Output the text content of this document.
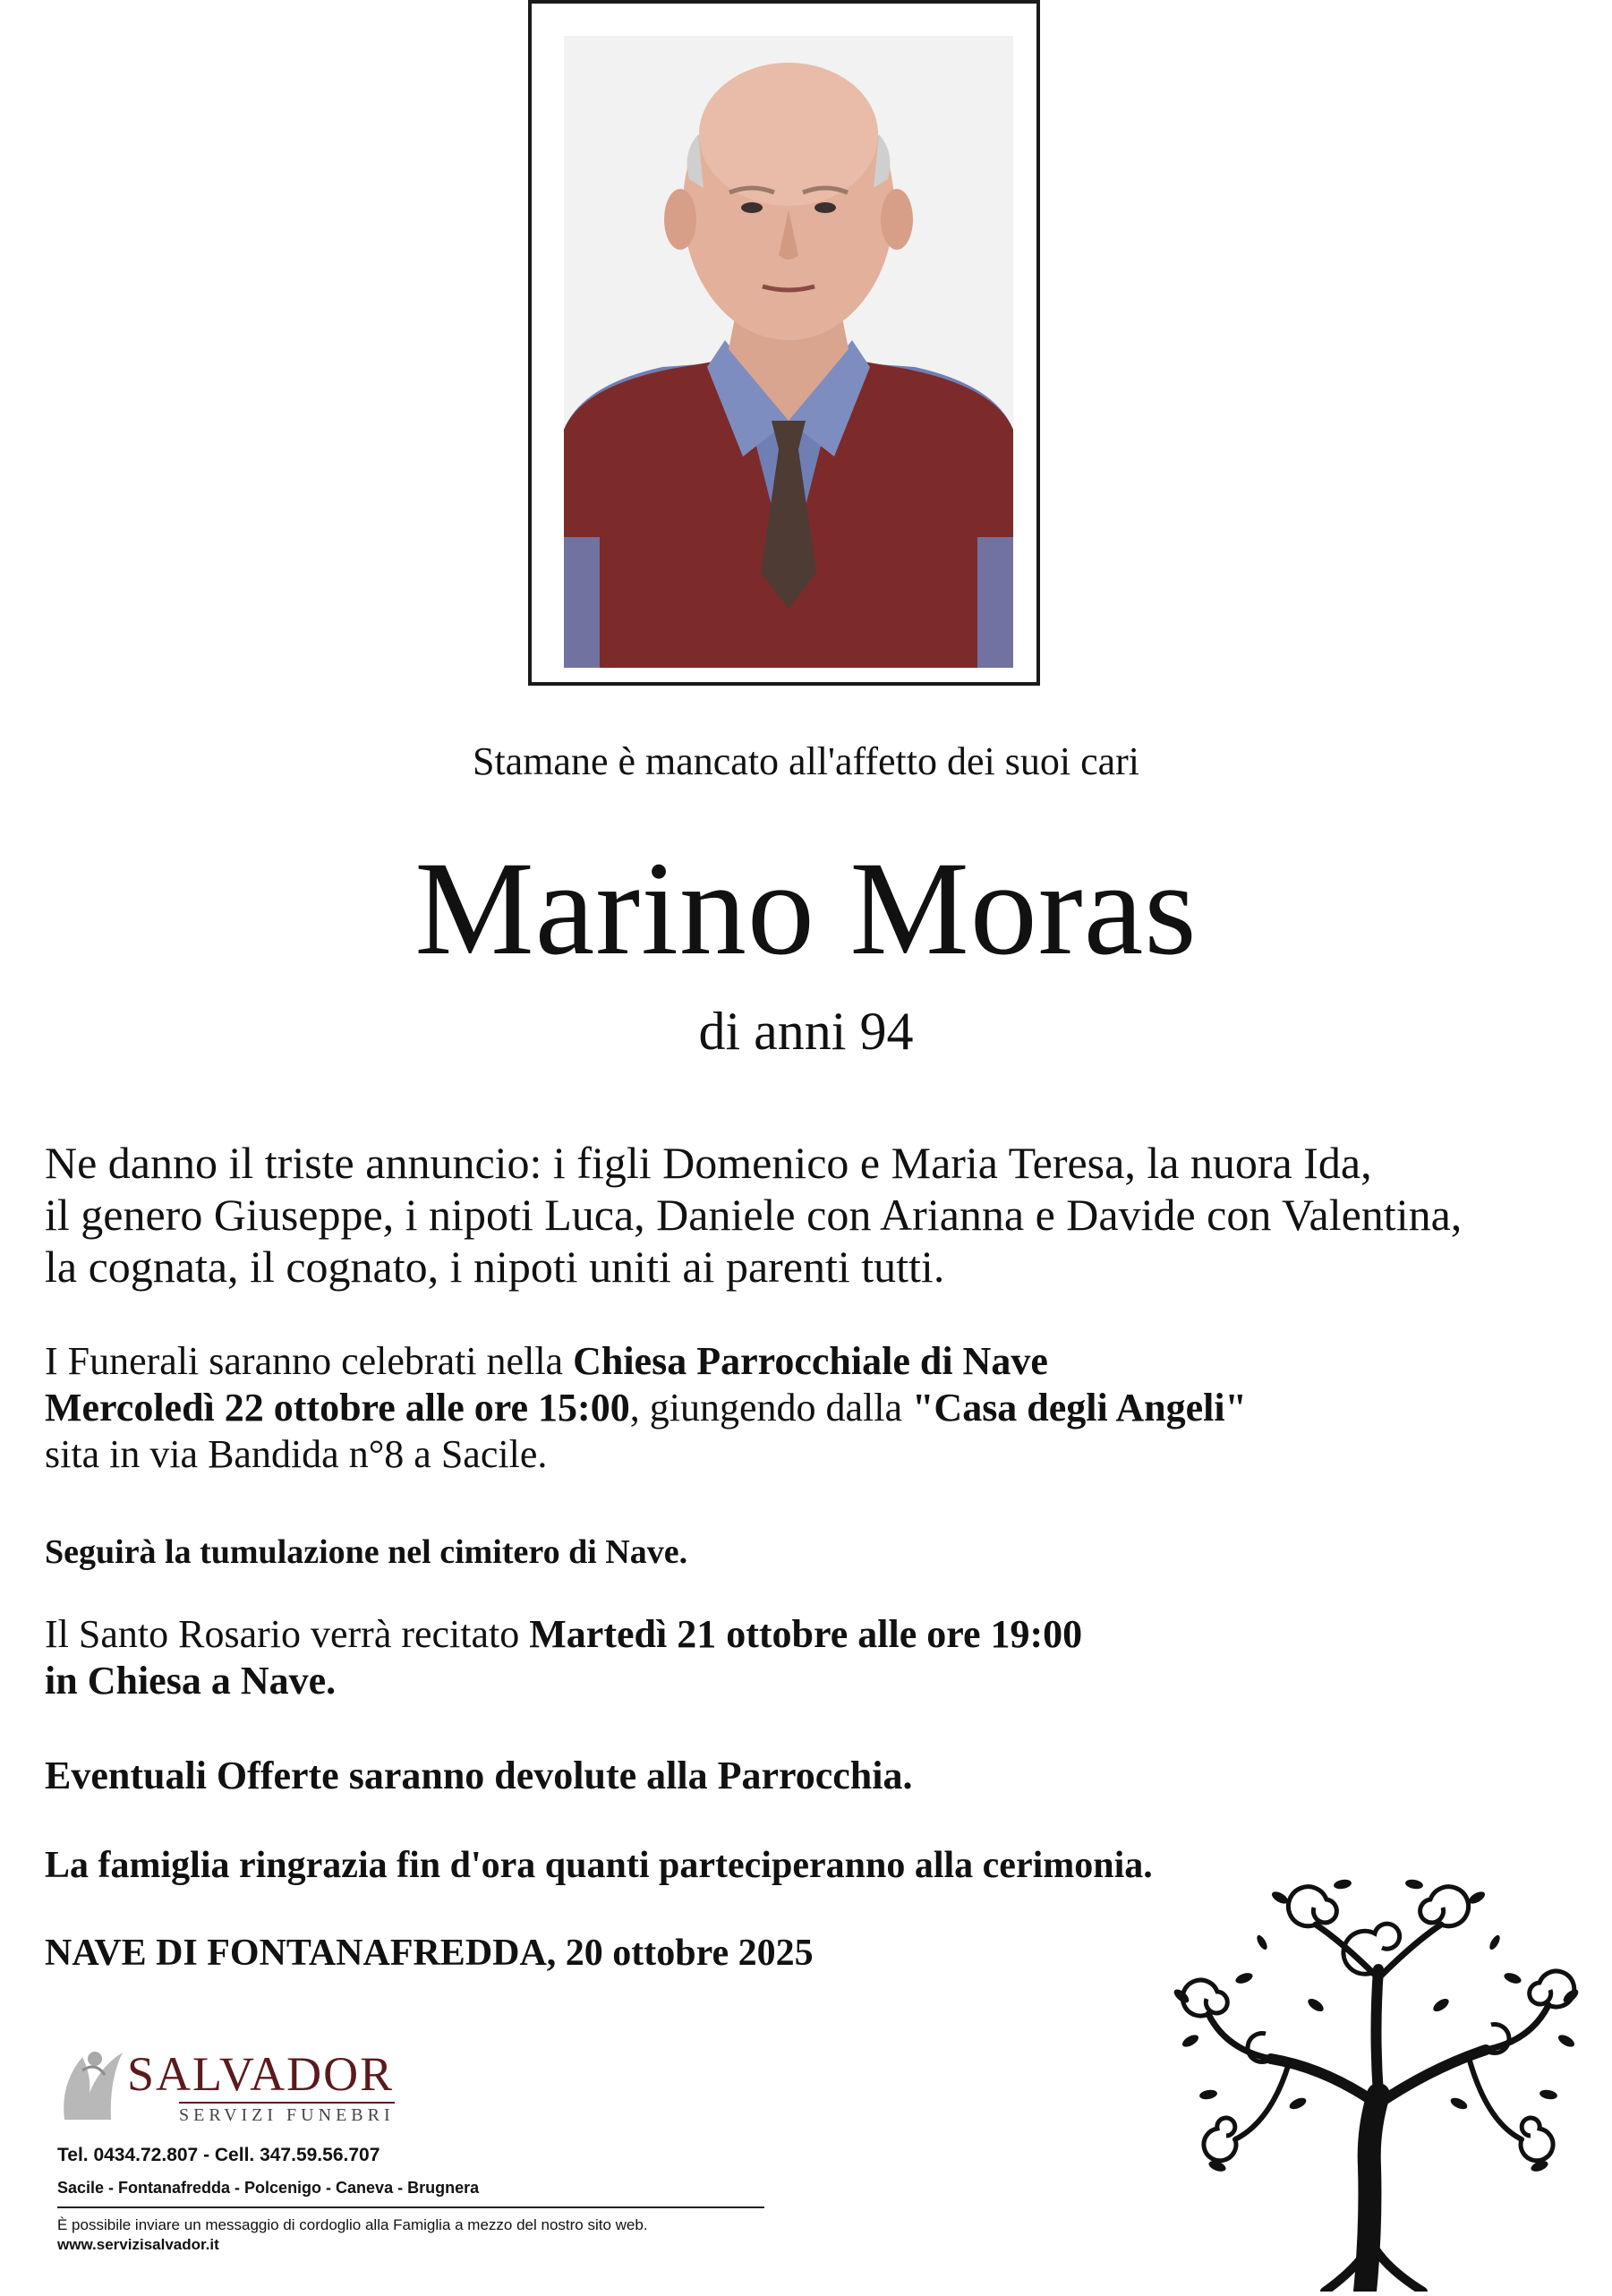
Stamane è mancato all'affetto dei suoi cari
Marino Moras
di anni 94
Ne danno il triste annuncio: i figli Domenico e Maria Teresa, la nuora Ida,
il genero Giuseppe, i nipoti Luca, Daniele con Arianna e Davide con Valentina,
la cognata, il cognato, i nipoti uniti ai parenti tutti.
I Funerali saranno celebrati nella Chiesa Parrocchiale di Nave
Mercoledì 22 ottobre alle ore 15:00, giungendo dalla "Casa degli Angeli"
sita in via Bandida n°8 a Sacile.
Seguirà la tumulazione nel cimitero di Nave.
Il Santo Rosario verrà recitato Martedì 21 ottobre alle ore 19:00
in Chiesa a Nave.
Eventuali Offerte saranno devolute alla Parrocchia.
La famiglia ringrazia fin d'ora quanti parteciperanno alla cerimonia.
NAVE DI FONTANAFREDDA, 20 ottobre 2025
SALVADOR
SERVIZI FUNEBRI
Tel. 0434.72.807 - Cell. 347.59.56.707
Sacile - Fontanafredda - Polcenigo - Caneva - Brugnera
È possibile inviare un messaggio di cordoglio alla Famiglia a mezzo del nostro sito web.
www.servizisalvador.it
